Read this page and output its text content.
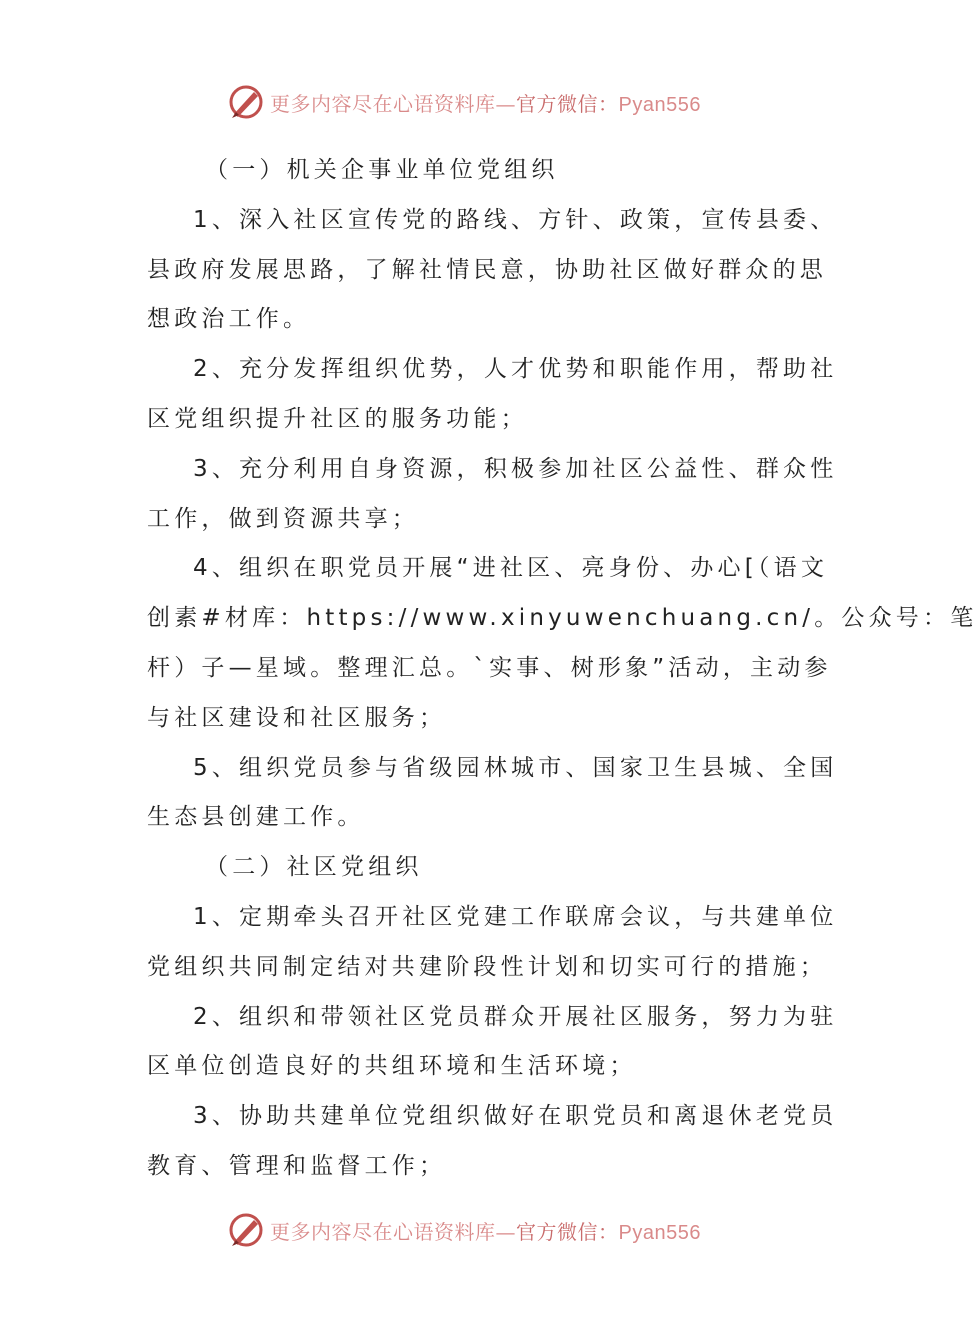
更多内容尽在心语资料库—官方微信：Pyan556
（一）机关企事业单位党组织
1、深入社区宣传党的路线、方针、政策，宣传县委、
县政府发展思路，了解社情民意，协助社区做好群众的思
想政治工作。
2、充分发挥组织优势，人才优势和职能作用，帮助社
区党组织提升社区的服务功能；
3、充分利用自身资源，积极参加社区公益性、群众性
工作，做到资源共享；
4、组织在职党员开展“进社区、亮身份、办心[（语文
创素#材库：https://www.xinyuwenchuang.cn/。公众号：笔
杆）子—星域。整理汇总。`实事、树形象”活动，主动参
与社区建设和社区服务；
5、组织党员参与省级园林城市、国家卫生县城、全国
生态县创建工作。
（二）社区党组织
1、定期牵头召开社区党建工作联席会议，与共建单位
党组织共同制定结对共建阶段性计划和切实可行的措施；
2、组织和带领社区党员群众开展社区服务，努力为驻
区单位创造良好的共组环境和生活环境；
3、协助共建单位党组织做好在职党员和离退休老党员
教育、管理和监督工作；
更多内容尽在心语资料库—官方微信：Pyan556
